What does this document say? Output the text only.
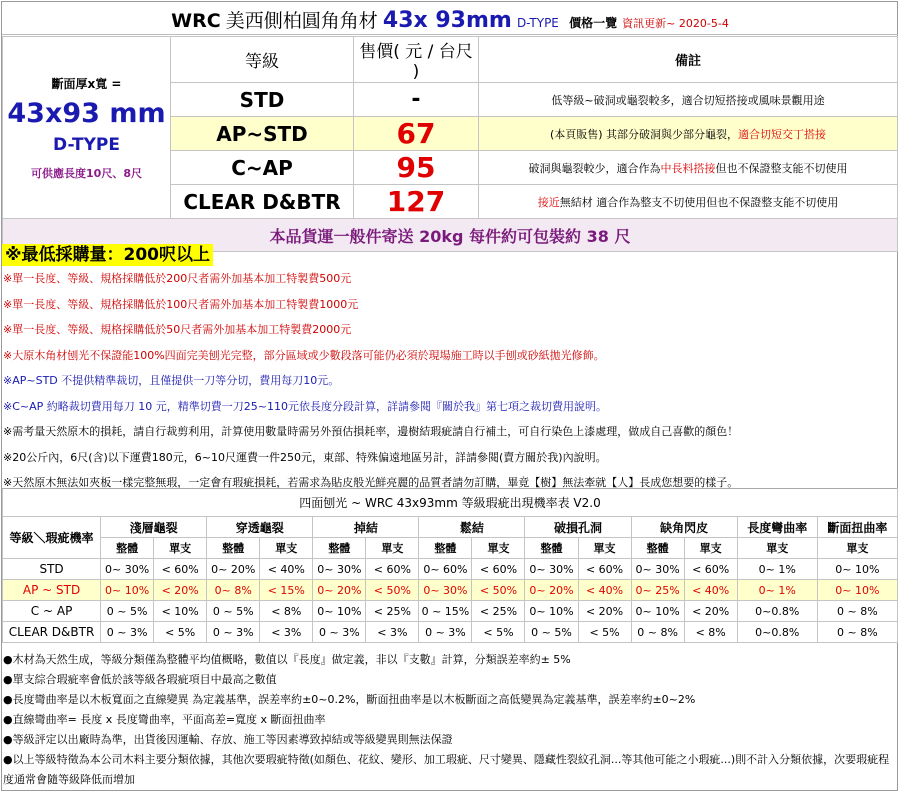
WRC 美西側柏圓角角材 43x 93mm D-TYPE 價格一覽 資訊更新~ 2020-5-4
斷面厚x寬 =
43x93 mm
D-TYPE
可供應長度10尺、8尺	等級	售價( 元 / 台尺 )	備註
	STD	-	低等級~破洞或龜裂較多，適合切短搭接或風味景觀用途
	AP~STD	67	(本頁販售) 其部分破洞與少部分龜裂，適合切短交丁搭接
	C~AP	95	破洞與龜裂較少，適合作為中長料搭接但也不保證整支能不切使用
	CLEAR D&BTR	127	接近無結材 適合作為整支不切使用但也不保證整支能不切使用
本品貨運一般件寄送 20kg 每件約可包裝約 38 尺			
※最低採購量：200呎以上
※單一長度、等級、規格採購低於200尺者需外加基本加工特製費500元
※單一長度、等級、規格採購低於100尺者需外加基本加工特製費1000元
※單一長度、等級、規格採購低於50尺者需外加基本加工特製費2000元
※大原木角材刨光不保證能100%四面完美刨光完整，部分區域或少數段落可能仍必須於現場施工時以手刨或砂紙拋光修飾。
※AP~STD 不提供精準裁切，且僅提供一刀等分切，費用每刀10元。
※C~AP 約略裁切費用每刀 10 元，精準切費一刀25~110元依長度分段計算，詳請參閱『關於我』第七項之裁切費用說明。
※需考量天然原木的損耗，請自行裁剪利用，計算使用數量時需另外預估損耗率，邊樹結瑕疵請自行補土，可自行染色上漆處理，做成自己喜歡的顏色！
※20公斤內，6尺(含)以下運費180元，6~10尺運費一件250元，東部、特殊偏遠地區另計，詳請參閱(賣方關於我)內說明。
※天然原木無法如夾板一樣完整無瑕，一定會有瑕疵損耗，若需求為貼皮般光鮮亮麗的品質者請勿訂購，畢竟【樹】無法牽就【人】長成您想要的樣子。
四面刨光 ~ WRC 43x93mm 等級瑕疵出現機率表 V2.0														
等級＼瑕疵機率	淺層龜裂		穿透龜裂		掉結		鬆結		破損孔洞		缺角閃皮		長度彎曲率	斷面扭曲率
	整體	單支	整體	單支	整體	單支	整體	單支	整體	單支	整體	單支	單支	單支
STD	0~ 30%	< 60%	0~ 20%	< 40%	0~ 30%	< 60%	0~ 60%	< 60%	0~ 30%	< 60%	0~ 30%	< 60%	0~ 1%	0~ 10%
AP ~ STD	0~ 10%	< 20%	0~ 8%	< 15%	0~ 20%	< 50%	0~ 30%	< 50%	0~ 20%	< 40%	0~ 25%	< 40%	0~ 1%	0~ 10%
C ~ AP	0 ~ 5%	< 10%	0 ~ 5%	< 8%	0~ 10%	< 25%	0 ~ 15%	< 25%	0~ 10%	< 20%	0~ 10%	< 20%	0~0.8%	0 ~ 8%
CLEAR D&BTR	0 ~ 3%	< 5%	0 ~ 3%	< 3%	0 ~ 3%	< 3%	0 ~ 3%	< 5%	0 ~ 5%	< 5%	0 ~ 8%	< 8%	0~0.8%	0 ~ 8%
●木材為天然生成，等級分類僅為整體平均值概略，數值以『長度』做定義，非以『支數』計算，分類誤差率約± 5%
●單支綜合瑕疵率會低於該等級各瑕疵項目中最高之數值
●長度彎曲率是以木板寬面之直線變異 為定義基準，誤差率約±0~0.2%，斷面扭曲率是以木板斷面之高低變異為定義基準，誤差率約±0~2%
●直線彎曲率= 長度 x 長度彎曲率，平面高差=寬度 x 斷面扭曲率
●等級評定以出廠時為準，出貨後因運輸、存放、施工等因素導致掉結或等級變異則無法保證
●以上等級特徵為本公司木料主要分類依據，其他次要瑕疵特徵(如顏色、花紋、變形、加工瑕疵、尺寸變異、隱藏性裂紋孔洞...等其他可能之小瑕疵...)則不計入分類依據，次要瑕疵程度通常會隨等級降低而增加
